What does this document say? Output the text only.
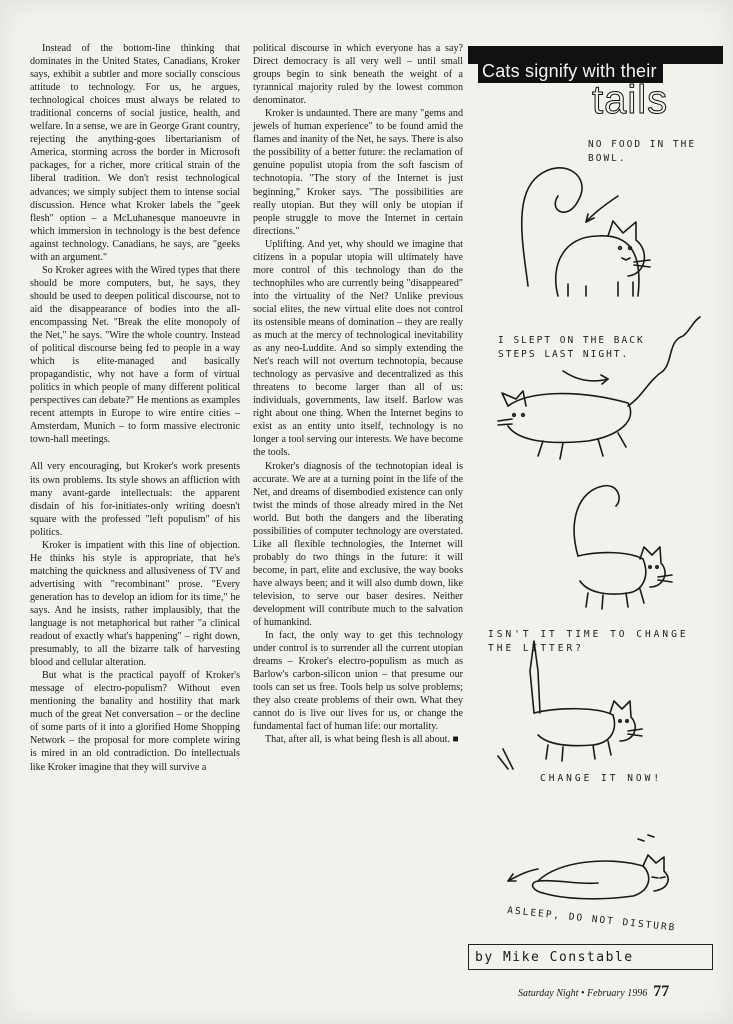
Instead of the bottom-line thinking that dominates in the United States, Canadians, Kroker says, exhibit a subtler and more socially conscious attitude to technology. For us, he argues, technological choices must always be related to traditional concerns of social justice, health, and welfare. In a sense, we are in George Grant country, rejecting the anything-goes libertarianism of America, storming across the border in Microsoft packages, for a richer, more critical strain of the liberal tradition. We don't resist technological advances; we simply subject them to intense social discussion. Hence what Kroker labels the "geek flesh" option – a McLuhanesque manoeuvre in which immersion in technology is the best defence against technology. Canadians, he says, are "geeks with an argument."

So Kroker agrees with the Wired types that there should be more computers, but, he says, they should be used to deepen political discourse, not to aid the disappearance of bodies into the all-encompassing Net. "Break the elite monopoly of the Net," he says. "Wire the whole country. Instead of political discourse being fed to people in a way which is elite-managed and basically propagandistic, why not have a form of virtual politics in which people of many different political perspectives can debate?" He mentions as examples recent attempts in Europe to wire entire cities – Amsterdam, Munich – to form massive electronic town-hall meetings.

All very encouraging, but Kroker's work presents its own problems. Its style shows an affliction with many avant-garde intellectuals: the apparent disdain of his for-initiates-only writing doesn't square with the professed "left populism" of his politics.

Kroker is impatient with this line of objection. He thinks his style is appropriate, that he's matching the quickness and allusiveness of TV and advertising with "recombinant" prose. "Every generation has to develop an idiom for its time," he says. And he insists, rather implausibly, that the language is not metaphorical but rather "a clinical readout of exactly what's happening" – right down, presumably, to all the bizarre talk of harvesting blood and cellular alteration.

But what is the practical payoff of Kroker's message of electro-populism? Without even mentioning the banality and hostility that mark much of the great Net conversation – or the decline of some parts of it into a glorified Home Shopping Network – the proposal for more complete wiring is mired in an old contradiction. Do intellectuals like Kroker imagine that they will survive a

political discourse in which everyone has a say? Direct democracy is all very well – until small groups begin to sink beneath the weight of a tyrannical majority ruled by the lowest common denominator.

Kroker is undaunted. There are many "gems and jewels of human experience" to be found amid the flames and inanity of the Net, he says. There is also the possibility of a better future: the reclamation of genuine populist utopia from the soft fascism of technotopia. "The story of the Internet is just beginning," Kroker says. "The possibilities are really utopian. But they will only be utopian if people struggle to move the Internet in certain directions."

Uplifting. And yet, why should we imagine that citizens in a popular utopia will ultimately have more control of this technology than do the technophiles who are currently being "disappeared" into the virtuality of the Net? Unlike previous social elites, the new virtual elite does not control its ostensible means of domination – they are really as much at the mercy of technological inevitability as any neo-Luddite. And so simply extending the Net's reach will not overturn technotopia, because technology as pervasive and decentralized as this threatens to become larger than all of us: individuals, governments, law itself. Barlow was right about one thing. When the Internet begins to exist as an entity unto itself, technology is no longer a tool serving our interests. We have become the tools.

Kroker's diagnosis of the technotopian ideal is accurate. We are at a turning point in the life of the Net, and dreams of disembodied existence can only twist the minds of those already mired in the Net world. But both the dangers and the liberating possibilities of computer technology are overstated. Like all flexible technologies, the Internet will probably do two things in the future: it will become, in part, elite and exclusive, the way books have always been; and it will also dumb down, like television, to serve our baser desires. Neither development will contribute much to the salvation of humankind.

In fact, the only way to get this technology under control is to surrender all the current utopian dreams – Kroker's electro-populism as much as Barlow's carbon-silicon union – that presume our tools can set us free. Tools help us solve problems; they also create problems of their own. What they cannot do is live our lives for us, or change the fundamental fact of human life: our mortality.

That, after all, is what being flesh is all about. ■

Cats signify with their
tails
NO FOOD IN THE BOWL.
I SLEPT ON THE BACK STEPS LAST NIGHT.
ISN'T IT TIME TO CHANGE THE LITTER?
CHANGE IT NOW!
ASLEEP, DO NOT DISTURB
by Mike Constable
Saturday Night • February 1996 77
